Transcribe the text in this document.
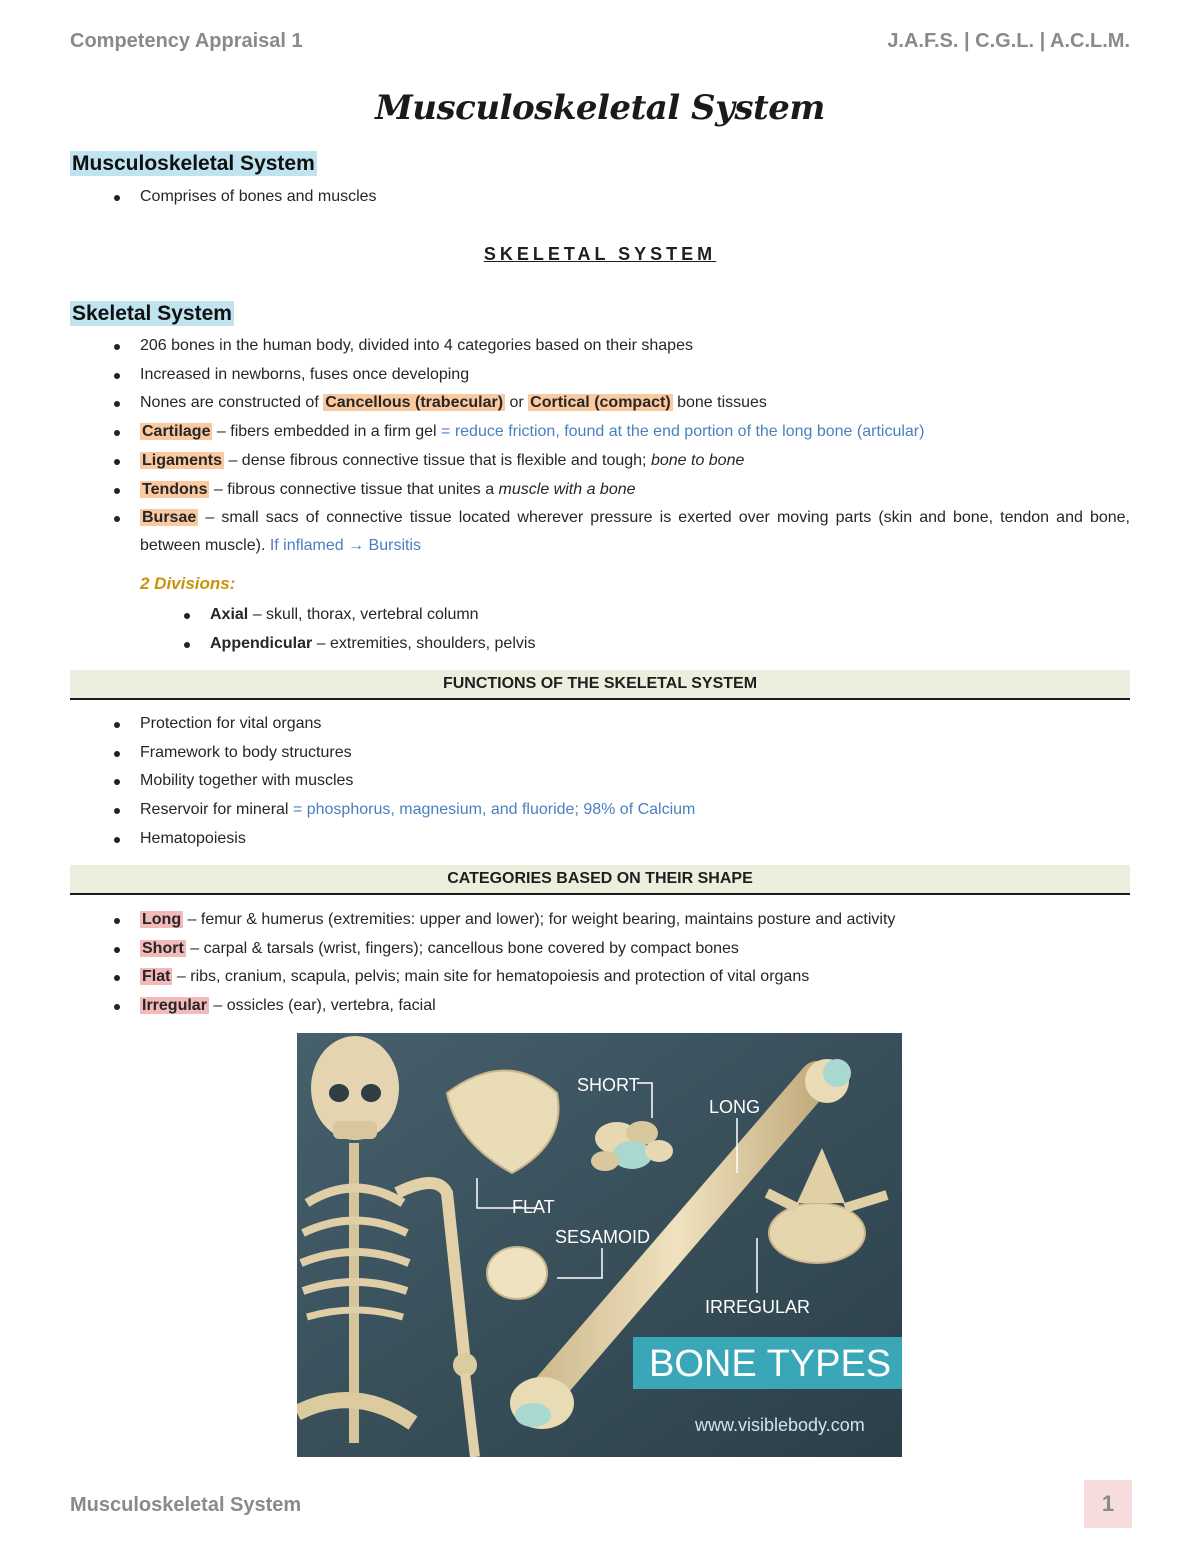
Competency Appraisal 1	J.A.F.S. | C.G.L. | A.C.L.M.
Musculoskeletal System
Musculoskeletal System
Comprises of bones and muscles
SKELETAL SYSTEM
Skeletal System
206 bones in the human body, divided into 4 categories based on their shapes
Increased in newborns, fuses once developing
Nones are constructed of Cancellous (trabecular) or Cortical (compact) bone tissues
Cartilage – fibers embedded in a firm gel = reduce friction, found at the end portion of the long bone (articular)
Ligaments – dense fibrous connective tissue that is flexible and tough; bone to bone
Tendons – fibrous connective tissue that unites a muscle with a bone
Bursae – small sacs of connective tissue located wherever pressure is exerted over moving parts (skin and bone, tendon and bone, between muscle). If inflamed → Bursitis
2 Divisions:
Axial – skull, thorax, vertebral column
Appendicular – extremities, shoulders, pelvis
FUNCTIONS OF THE SKELETAL SYSTEM
Protection for vital organs
Framework to body structures
Mobility together with muscles
Reservoir for mineral = phosphorus, magnesium, and fluoride; 98% of Calcium
Hematopoiesis
CATEGORIES BASED ON THEIR SHAPE
Long – femur & humerus (extremities: upper and lower); for weight bearing, maintains posture and activity
Short – carpal & tarsals (wrist, fingers); cancellous bone covered by compact bones
Flat – ribs, cranium, scapula, pelvis; main site for hematopoiesis and protection of vital organs
Irregular – ossicles (ear), vertebra, facial
FLAT
SHORT
LONG
SESAMOID
IRREGULAR
BONE TYPES
www.visiblebody.com
Musculoskeletal System	1
